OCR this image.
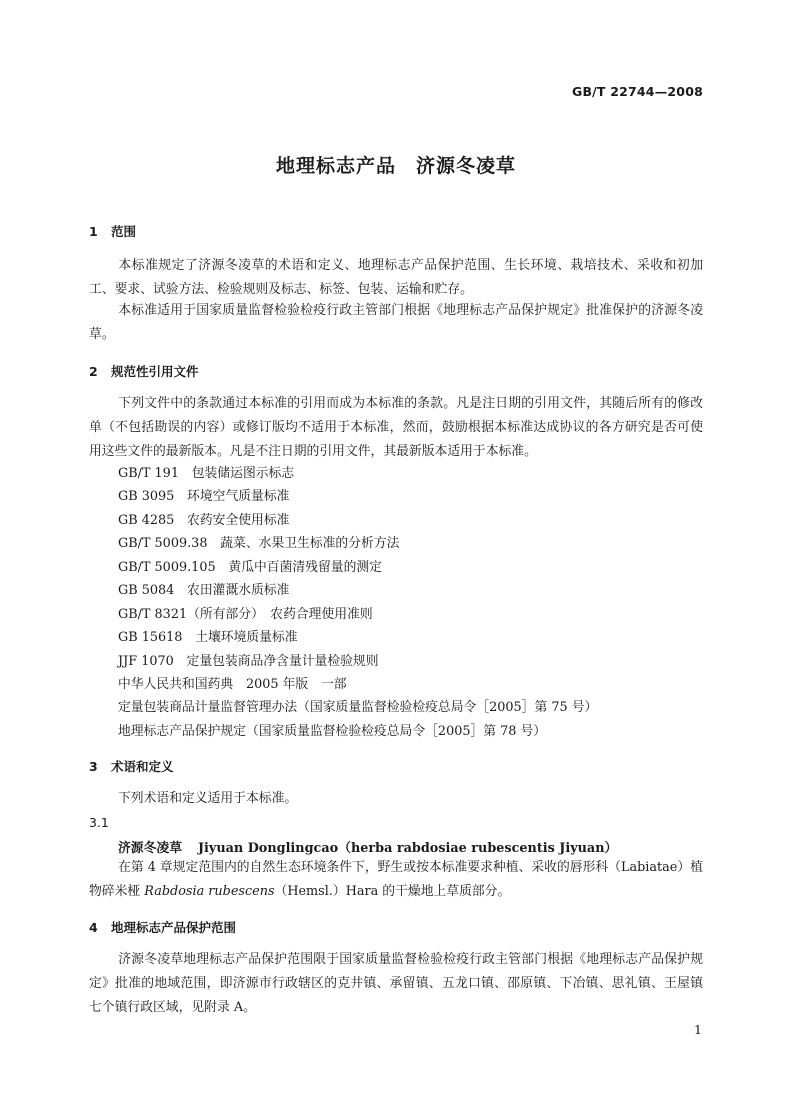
GB/T 22744—2008
地理标志产品　济源冬凌草
1 范围
本标准规定了济源冬凌草的术语和定义、地理标志产品保护范围、生长环境、栽培技术、采收和初加工、要求、试验方法、检验规则及标志、标签、包装、运输和贮存。
本标准适用于国家质量监督检验检疫行政主管部门根据《地理标志产品保护规定》批准保护的济源冬凌草。
2 规范性引用文件
下列文件中的条款通过本标准的引用而成为本标准的条款。凡是注日期的引用文件，其随后所有的修改单（不包括勘误的内容）或修订版均不适用于本标准，然而，鼓励根据本标准达成协议的各方研究是否可使用这些文件的最新版本。凡是不注日期的引用文件，其最新版本适用于本标准。
GB/T 191　包装储运图示标志
GB 3095　环境空气质量标准
GB 4285　农药安全使用标准
GB/T 5009.38　蔬菜、水果卫生标准的分析方法
GB/T 5009.105　黄瓜中百菌清残留量的测定
GB 5084　农田灌溉水质标准
GB/T 8321（所有部分）　农药合理使用准则
GB 15618　土壤环境质量标准
JJF 1070　定量包装商品净含量计量检验规则
中华人民共和国药典　2005 年版　一部
定量包装商品计量监督管理办法（国家质量监督检验检疫总局令［2005］第 75 号）
地理标志产品保护规定（国家质量监督检验检疫总局令［2005］第 78 号）
3 术语和定义
下列术语和定义适用于本标准。
3.1
济源冬凌草 Jiyuan Donglingcao（herba rabdosiae rubescentis Jiyuan）
在第 4 章规定范围内的自然生态环境条件下，野生或按本标准要求种植、采收的唇形科（Labiatae）植物碎米桠 Rabdosia rubescens（Hemsl.）Hara 的干燥地上草质部分。
4 地理标志产品保护范围
济源冬凌草地理标志产品保护范围限于国家质量监督检验检疫行政主管部门根据《地理标志产品保护规定》批准的地域范围，即济源市行政辖区的克井镇、承留镇、五龙口镇、邵原镇、下冶镇、思礼镇、王屋镇七个镇行政区域，见附录 A。
1
